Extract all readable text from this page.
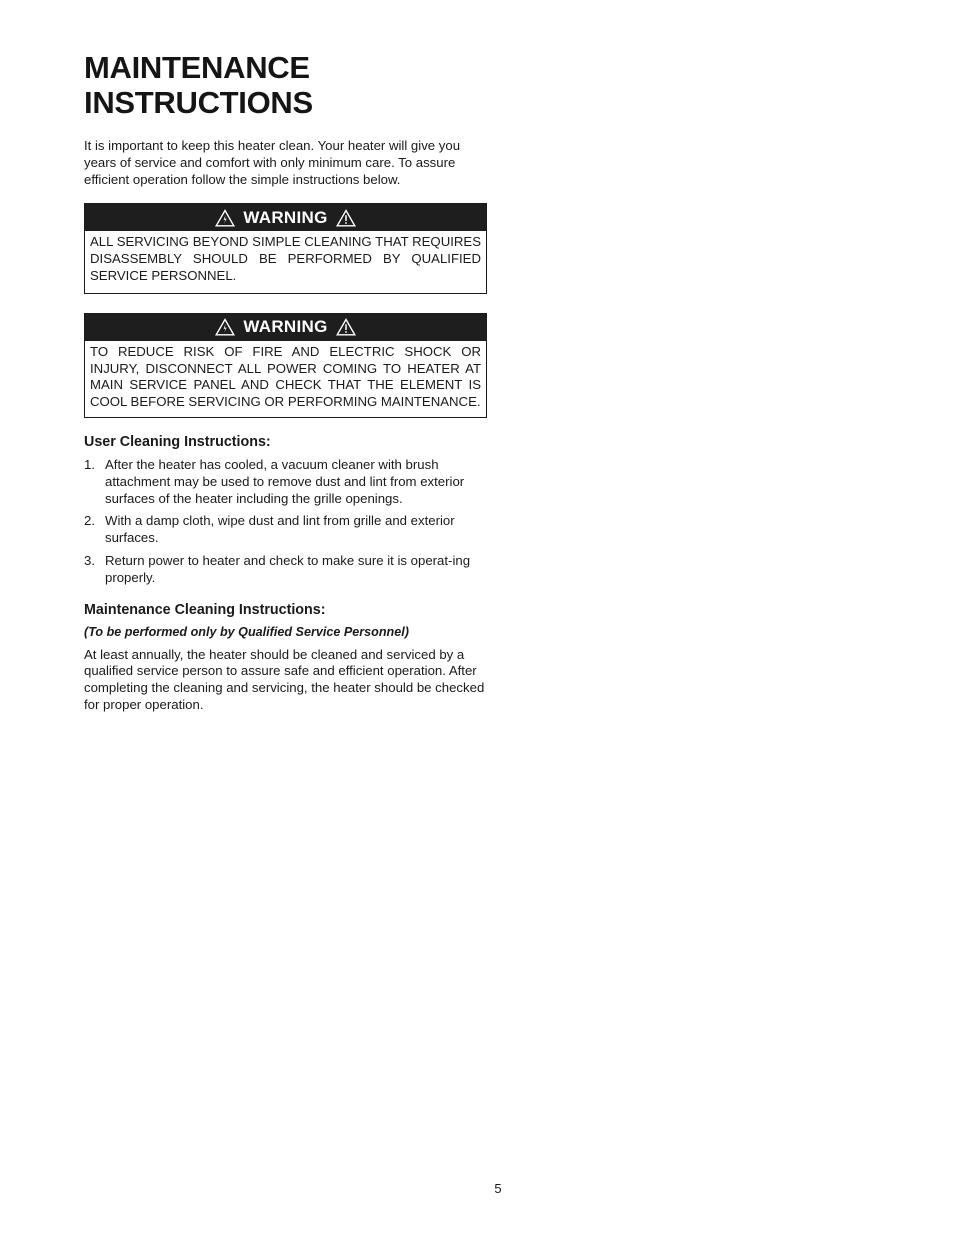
MAINTENANCE
INSTRUCTIONS

It is important to keep this heater clean. Your heater will give you years of service and comfort with only minimum care. To assure efficient operation follow the simple instructions below.

WARNING
ALL SERVICING BEYOND SIMPLE CLEANING THAT REQUIRES DISASSEMBLY SHOULD BE PERFORMED BY QUALIFIED SERVICE PERSONNEL.
WARNING
TO REDUCE RISK OF FIRE AND ELECTRIC SHOCK OR INJURY, DISCONNECT ALL POWER COMING TO HEATER AT MAIN SERVICE PANEL AND CHECK THAT THE ELEMENT IS COOL BEFORE SERVICING OR PERFORMING MAINTENANCE.
User Cleaning Instructions:
1. After the heater has cooled, a vacuum cleaner with brush attachment may be used to remove dust and lint from exterior surfaces of the heater including the grille openings.
2. With a damp cloth, wipe dust and lint from grille and exterior surfaces.
3. Return power to heater and check to make sure it is operat-ing properly.
Maintenance Cleaning Instructions:

(To be performed only by Qualified Service Personnel)

At least annually, the heater should be cleaned and serviced by a qualified service person to assure safe and efficient operation. After completing the cleaning and servicing, the heater should be checked for proper operation.

5
